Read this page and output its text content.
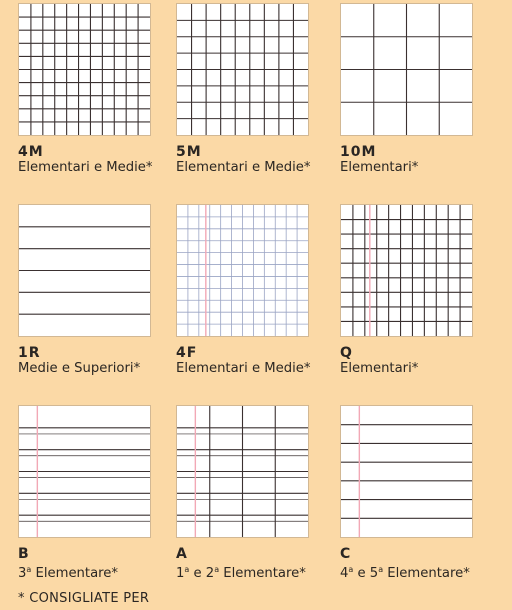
4M
Elementari e Medie*
5M
Elementari e Medie*
10M
Elementari*
1R
Medie e Superiori*
4F
Elementari e Medie*
Q
Elementari*
B
3$^a$ Elementare*
A
1$^a$ e 2$^a$ Elementare*
C
4$^a$ e 5$^a$ Elementare*
* CONSIGLIATE PER
